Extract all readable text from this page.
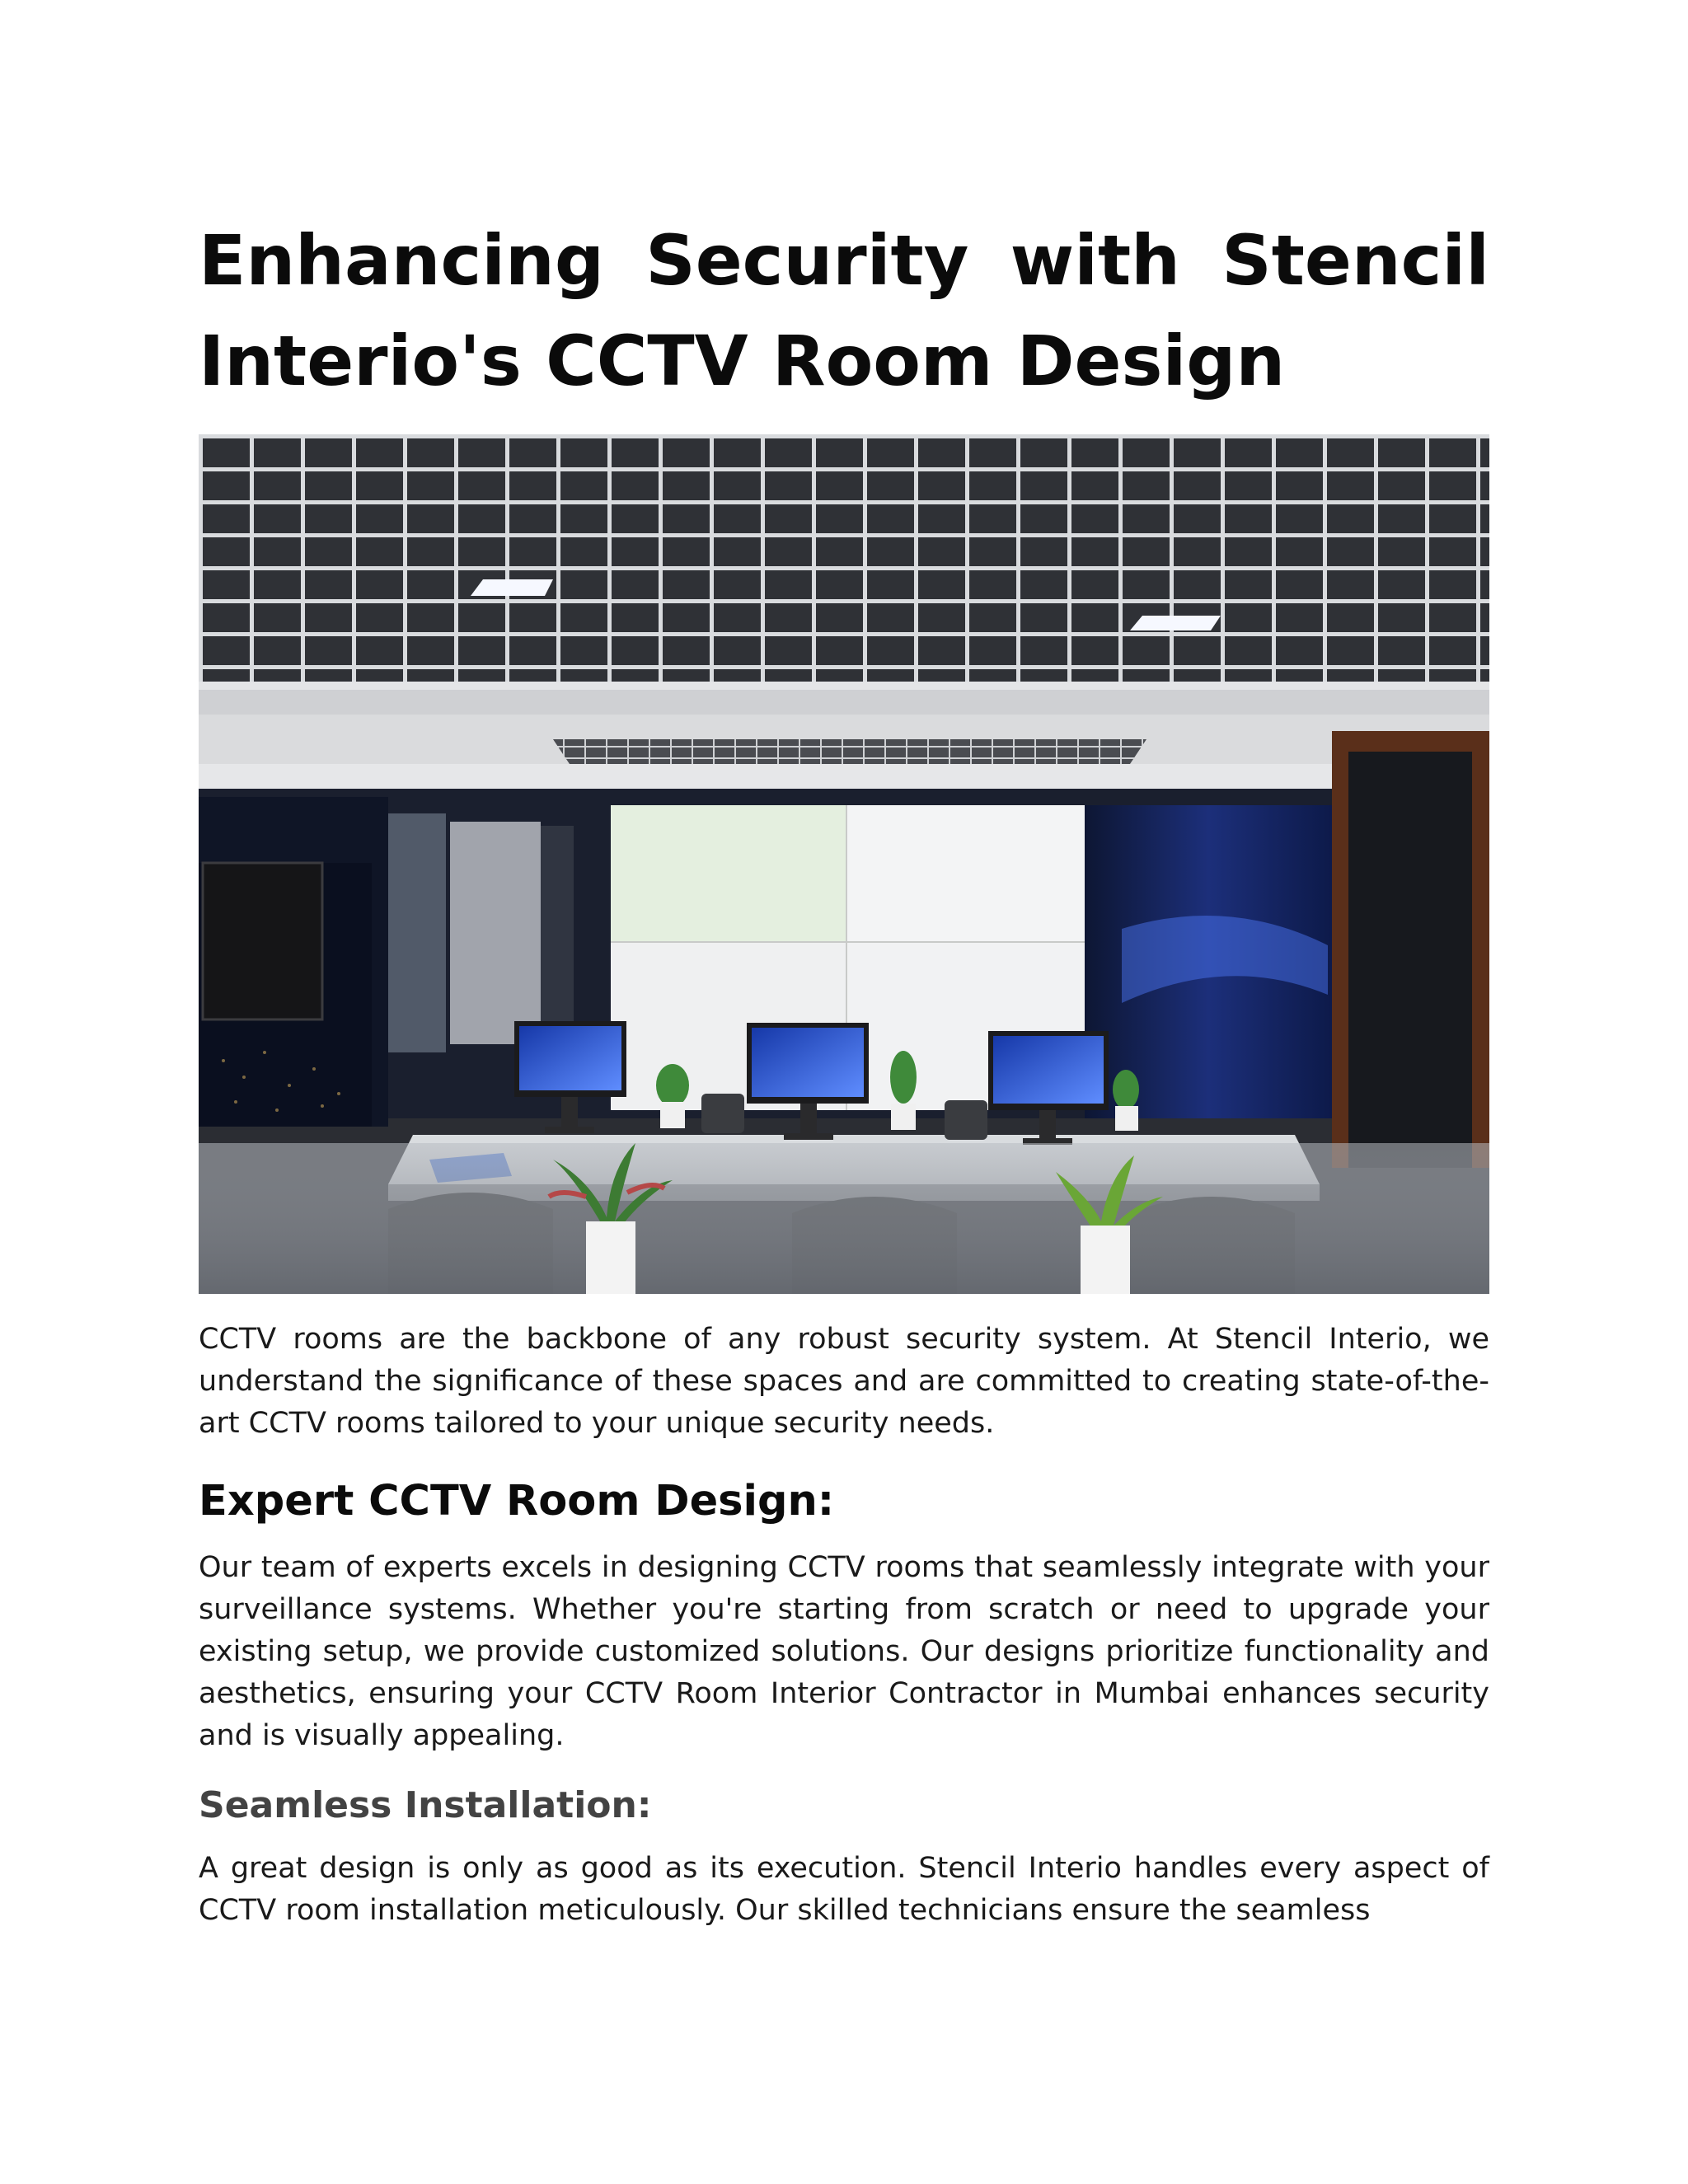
Enhancing Security with Stencil Interio's CCTV Room Design

CCTV rooms are the backbone of any robust security system. At Stencil Interio, we understand the significance of these spaces and are committed to creating state-of-the-art CCTV rooms tailored to your unique security needs.

Expert CCTV Room Design:

Our team of experts excels in designing CCTV rooms that seamlessly integrate with your surveillance systems. Whether you're starting from scratch or need to upgrade your existing setup, we provide customized solutions. Our designs prioritize functionality and aesthetics, ensuring your CCTV Room Interior Contractor in Mumbai enhances security and is visually appealing.

Seamless Installation:

A great design is only as good as its execution. Stencil Interio handles every aspect of CCTV room installation meticulously. Our skilled technicians ensure the seamless
